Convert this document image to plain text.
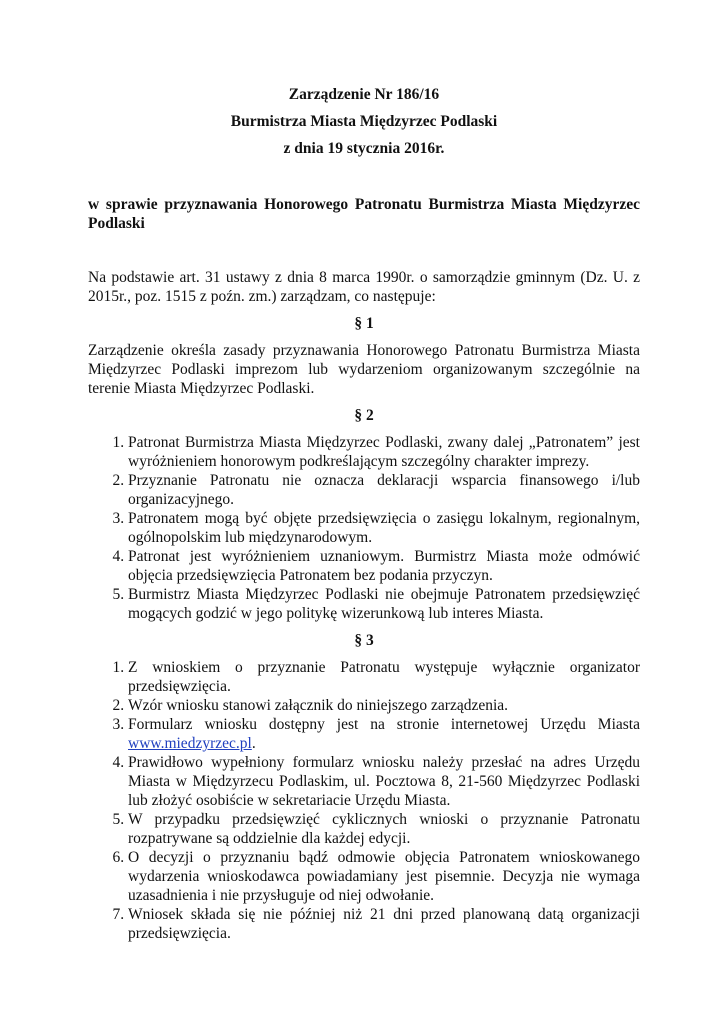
Zarządzenie Nr 186/16
Burmistrza Miasta Międzyrzec Podlaski
z dnia 19 stycznia 2016r.
w sprawie przyznawania Honorowego Patronatu Burmistrza Miasta Międzyrzec Podlaski
Na podstawie art. 31 ustawy z dnia 8 marca 1990r. o samorządzie gminnym (Dz. U. z 2015r., poz. 1515 z poźn. zm.) zarządzam, co następuje:
§ 1
Zarządzenie określa zasady przyznawania Honorowego Patronatu Burmistrza Miasta Międzyrzec Podlaski imprezom lub wydarzeniom organizowanym szczególnie na terenie Miasta Międzyrzec Podlaski.
§ 2
1. Patronat Burmistrza Miasta Międzyrzec Podlaski, zwany dalej „Patronatem” jest wyróżnieniem honorowym podkreślającym szczególny charakter imprezy.
2. Przyznanie Patronatu nie oznacza deklaracji wsparcia finansowego i/lub organizacyjnego.
3. Patronatem mogą być objęte przedsięwzięcia o zasięgu lokalnym, regionalnym, ogólnopolskim lub międzynarodowym.
4. Patronat jest wyróżnieniem uznaniowym. Burmistrz Miasta może odmówić objęcia przedsięwzięcia Patronatem bez podania przyczyn.
5. Burmistrz Miasta Międzyrzec Podlaski nie obejmuje Patronatem przedsięwzięć mogących godzić w jego politykę wizerunkową lub interes Miasta.
§ 3
1. Z wnioskiem o przyznanie Patronatu występuje wyłącznie organizator przedsięwzięcia.
2. Wzór wniosku stanowi załącznik do niniejszego zarządzenia.
3. Formularz wniosku dostępny jest na stronie internetowej Urzędu Miasta www.miedzyrzec.pl.
4. Prawidłowo wypełniony formularz wniosku należy przesłać na adres Urzędu Miasta w Międzyrzecu Podlaskim, ul. Pocztowa 8, 21-560 Międzyrzec Podlaski lub złożyć osobiście w sekretariacie Urzędu Miasta.
5. W przypadku przedsięwzięć cyklicznych wnioski o przyznanie Patronatu rozpatrywane są oddzielnie dla każdej edycji.
6. O decyzji o przyznaniu bądź odmowie objęcia Patronatem wnioskowanego wydarzenia wnioskodawca powiadamiany jest pisemnie. Decyzja nie wymaga uzasadnienia i nie przysługuje od niej odwołanie.
7. Wniosek składa się nie później niż 21 dni przed planowaną datą organizacji przedsięwzięcia.
